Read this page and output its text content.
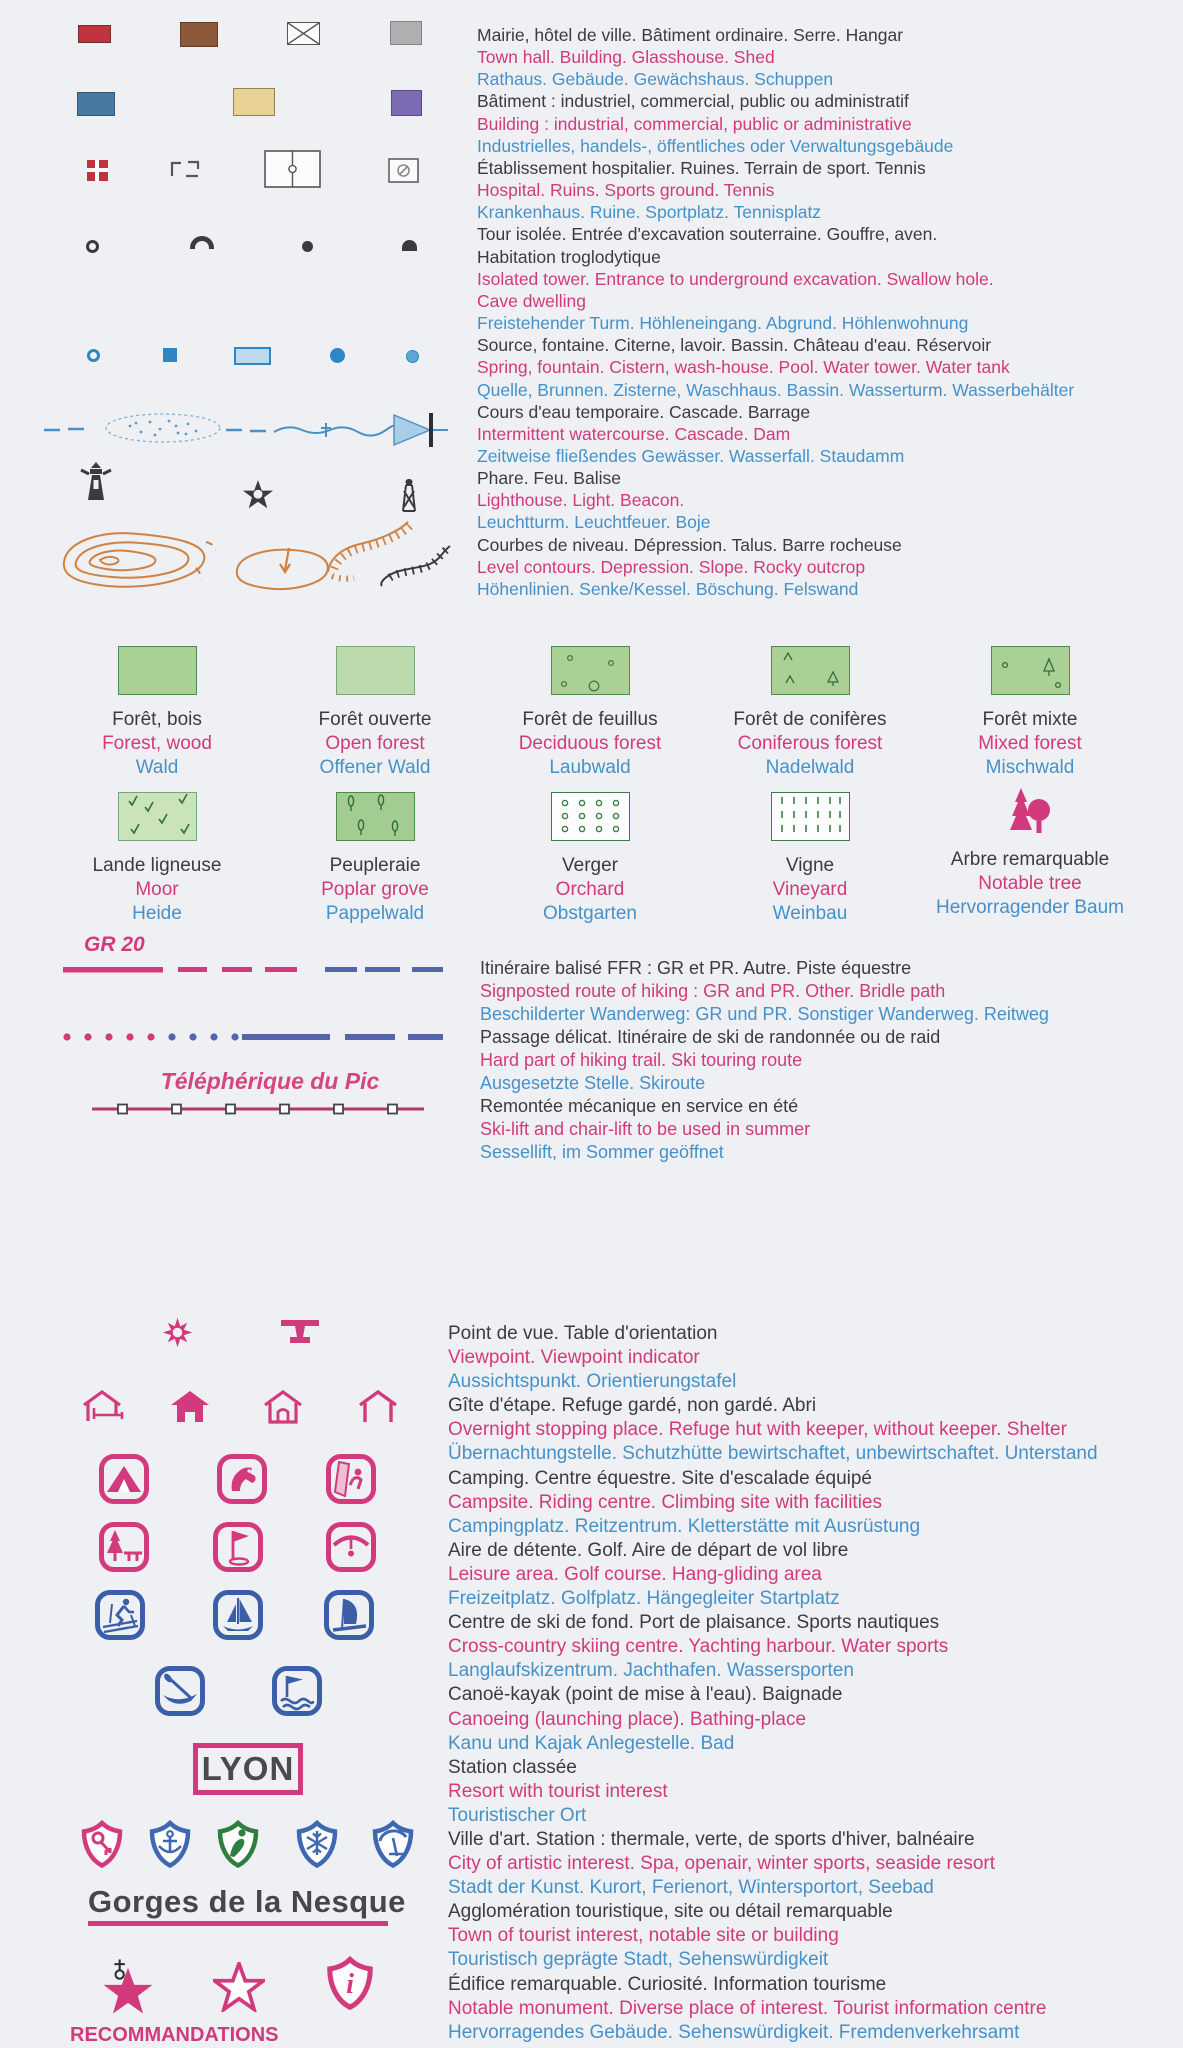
Mairie, hôtel de ville. Bâtiment ordinaire. Serre. Hangar
Town hall. Building. Glasshouse. Shed
Rathaus. Gebäude. Gewächshaus. Schuppen
Bâtiment : industriel, commercial, public ou administratif
Building : industrial, commercial, public or administrative
Industrielles, handels-, öffentliches oder Verwaltungsgebäude
Établissement hospitalier. Ruines. Terrain de sport. Tennis
Hospital. Ruins. Sports ground. Tennis
Krankenhaus. Ruine. Sportplatz. Tennisplatz
Tour isolée. Entrée d'excavation souterraine. Gouffre, aven.
Habitation troglodytique
Isolated tower. Entrance to underground excavation. Swallow hole.
Cave dwelling
Freistehender Turm. Höhleneingang. Abgrund. Höhlenwohnung
Source, fontaine. Citerne, lavoir. Bassin. Château d'eau. Réservoir
Spring, fountain. Cistern, wash-house. Pool. Water tower. Water tank
Quelle, Brunnen. Zisterne, Waschhaus. Bassin. Wasserturm. Wasserbehälter
Cours d'eau temporaire. Cascade. Barrage
Intermittent watercourse. Cascade. Dam
Zeitweise fließendes Gewässer. Wasserfall. Staudamm
Phare. Feu. Balise
Lighthouse. Light. Beacon.
Leuchtturm. Leuchtfeuer. Boje
Courbes de niveau. Dépression. Talus. Barre rocheuse
Level contours. Depression. Slope. Rocky outcrop
Höhenlinien. Senke/Kessel. Böschung. Felswand
Forêt, bois
Forest, wood
Wald
Forêt ouverte
Open forest
Offener Wald
Forêt de feuillus
Deciduous forest
Laubwald
Forêt de conifères
Coniferous forest
Nadelwald
Forêt mixte
Mixed forest
Mischwald
Lande ligneuse
Moor
Heide
Peupleraie
Poplar grove
Pappelwald
Verger
Orchard
Obstgarten
Vigne
Vineyard
Weinbau
Arbre remarquable
Notable tree
Hervorragender Baum
GR 20
Téléphérique du Pic
Itinéraire balisé FFR : GR et PR. Autre. Piste équestre
Signposted route of hiking : GR and PR. Other. Bridle path
Beschilderter Wanderweg: GR und PR. Sonstiger Wanderweg. Reitweg
Passage délicat. Itinéraire de ski de randonnée ou de raid
Hard part of hiking trail. Ski touring route
Ausgesetzte Stelle. Skiroute
Remontée mécanique en service en été
Ski-lift and chair-lift to be used in summer
Sessellift, im Sommer geöffnet
LYON
Gorges de la Nesque
i
RECOMMANDATIONS
Point de vue. Table d'orientation
Viewpoint. Viewpoint indicator
Aussichtspunkt. Orientierungstafel
Gîte d'étape. Refuge gardé, non gardé. Abri
Overnight stopping place. Refuge hut with keeper, without keeper. Shelter
Übernachtungstelle. Schutzhütte bewirtschaftet, unbewirtschaftet. Unterstand
Camping. Centre équestre. Site d'escalade équipé
Campsite. Riding centre. Climbing site with facilities
Campingplatz. Reitzentrum. Kletterstätte mit Ausrüstung
Aire de détente. Golf. Aire de départ de vol libre
Leisure area. Golf course. Hang-gliding area
Freizeitplatz. Golfplatz. Hängegleiter Startplatz
Centre de ski de fond. Port de plaisance. Sports nautiques
Cross-country skiing centre. Yachting harbour. Water sports
Langlaufskizentrum. Jachthafen. Wassersporten
Canoë-kayak (point de mise à l'eau). Baignade
Canoeing (launching place). Bathing-place
Kanu und Kajak Anlegestelle. Bad
Station classée
Resort with tourist interest
Touristischer Ort
Ville d'art. Station : thermale, verte, de sports d'hiver, balnéaire
City of artistic interest. Spa, openair, winter sports, seaside resort
Stadt der Kunst. Kurort, Ferienort, Wintersportort, Seebad
Agglomération touristique, site ou détail remarquable
Town of tourist interest, notable site or building
Touristisch geprägte Stadt, Sehenswürdigkeit
Édifice remarquable. Curiosité. Information tourisme
Notable monument. Diverse place of interest. Tourist information centre
Hervorragendes Gebäude. Sehenswürdigkeit. Fremdenverkehrsamt
